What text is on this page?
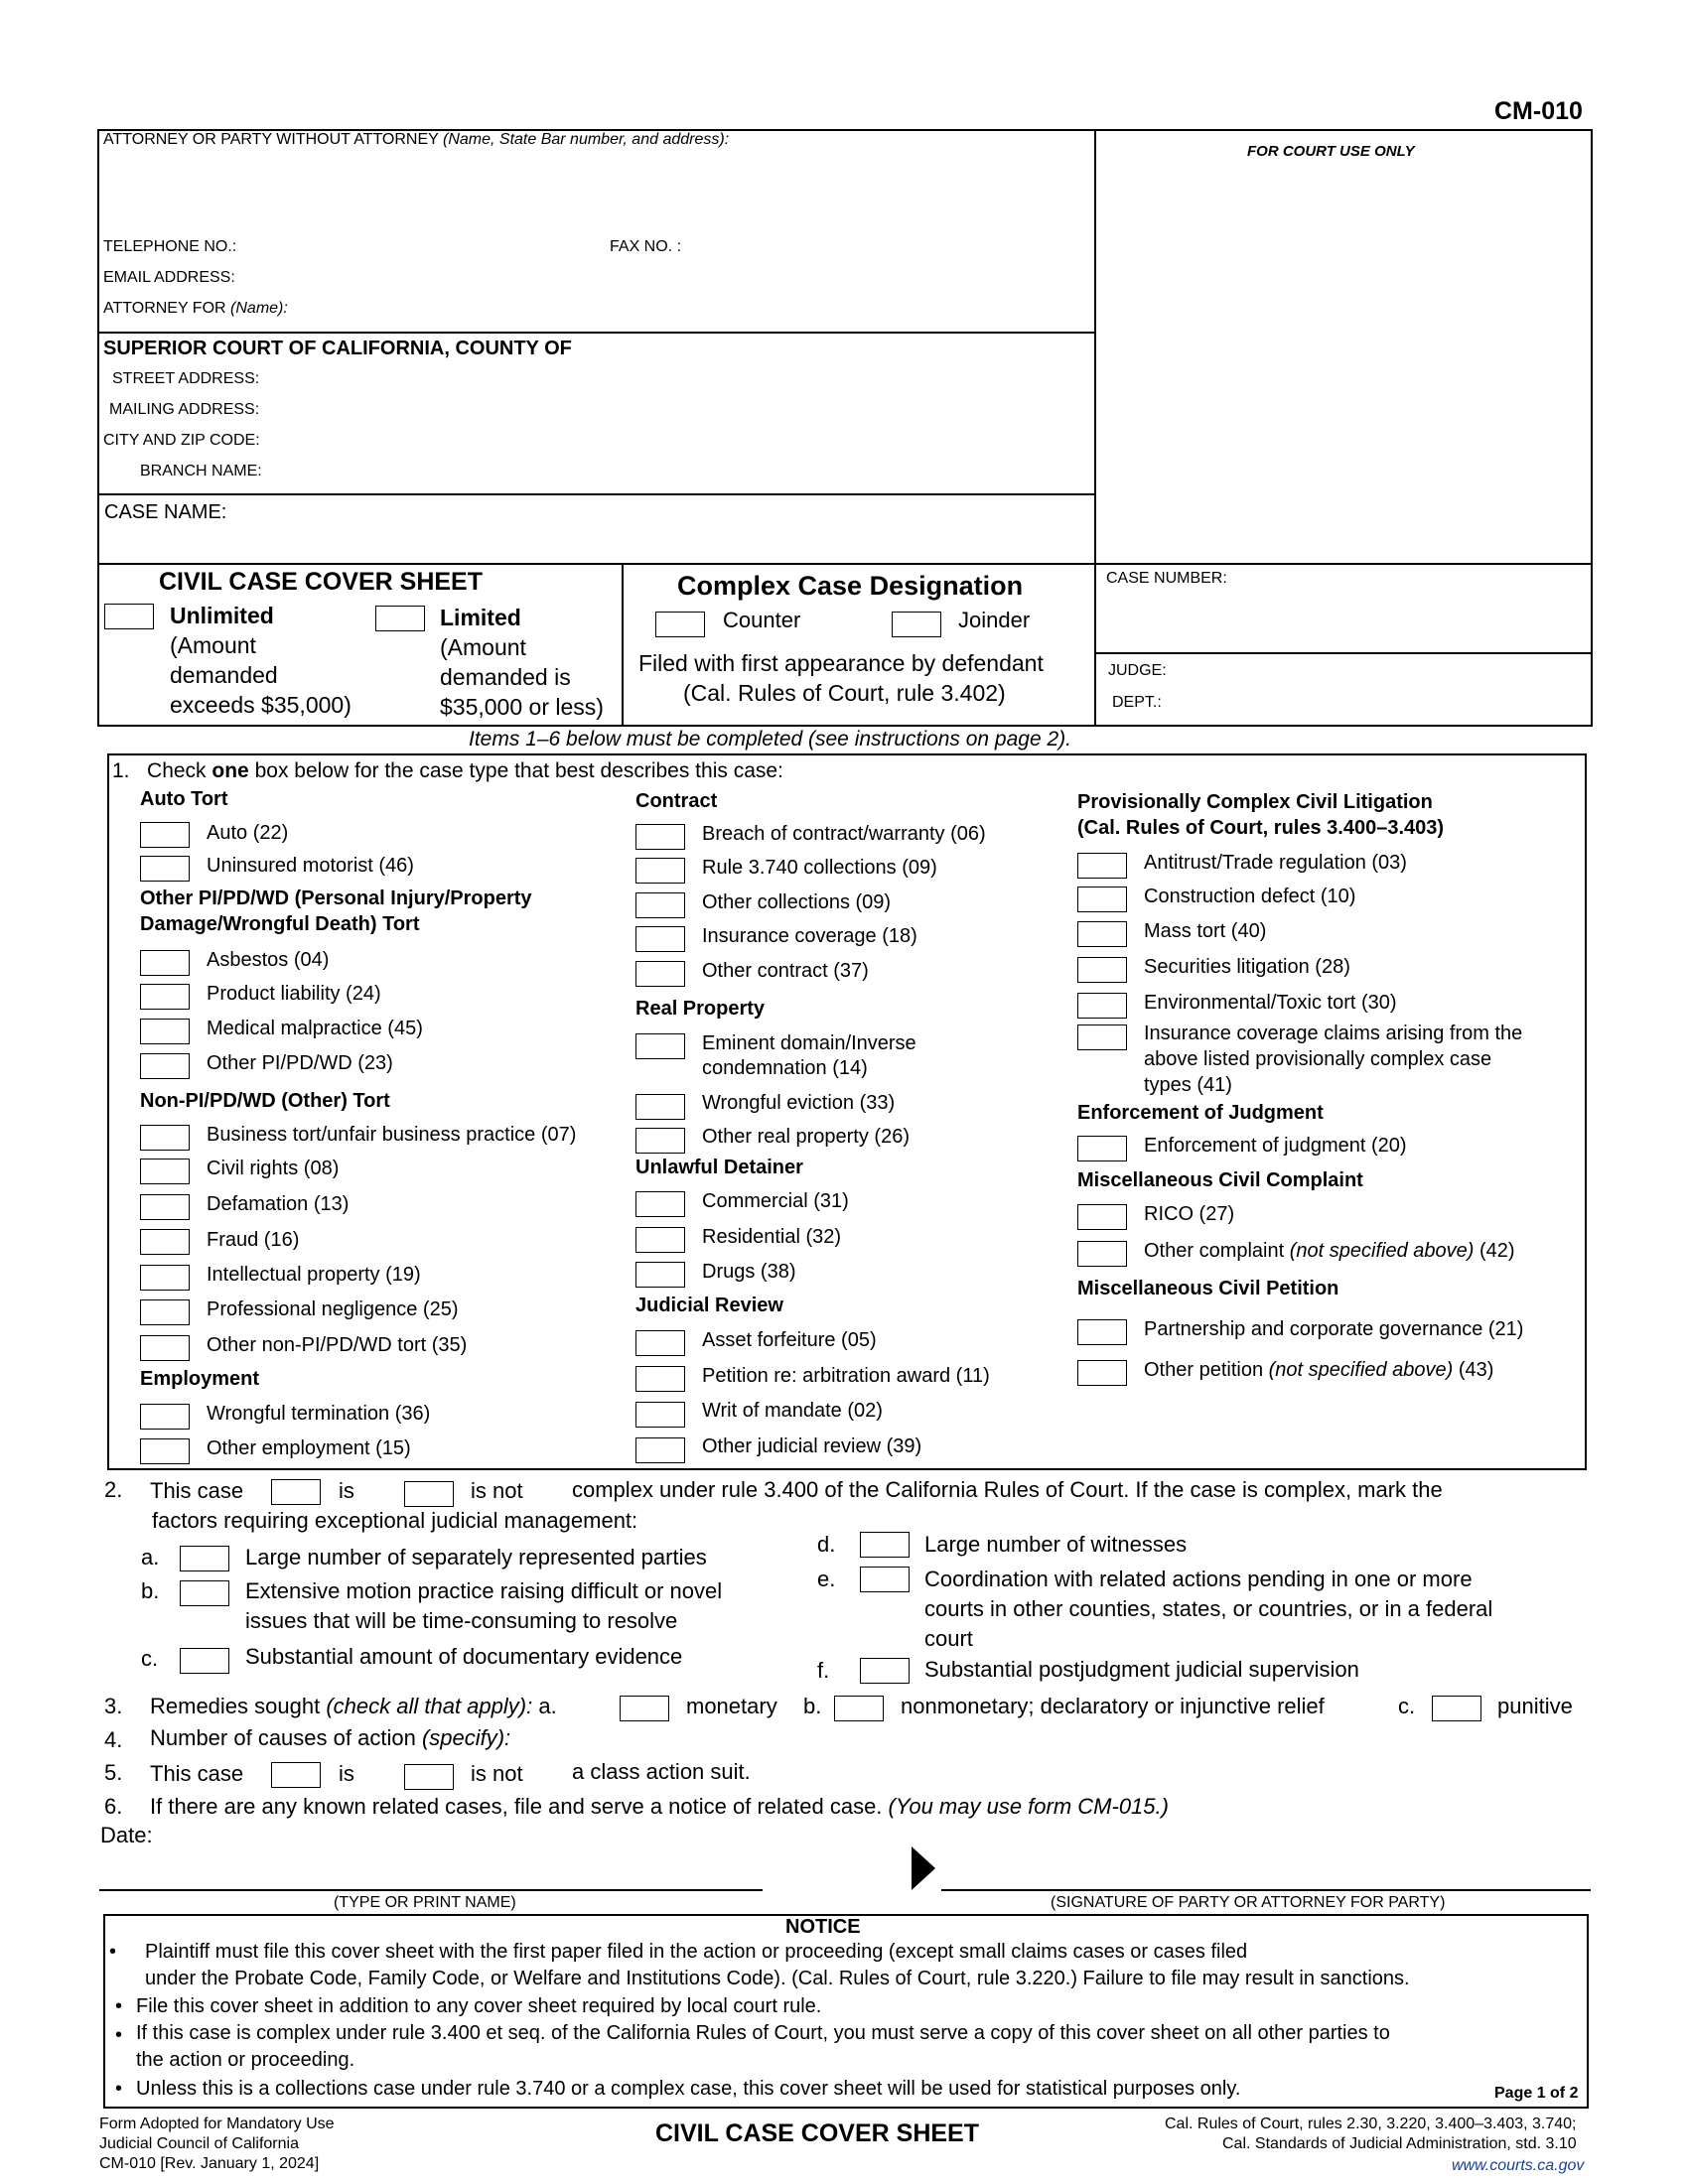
CM-010
ATTORNEY OR PARTY WITHOUT ATTORNEY (Name, State Bar number, and address):
TELEPHONE NO.:	FAX NO. :
EMAIL ADDRESS:
ATTORNEY FOR (Name):
FOR COURT USE ONLY
SUPERIOR COURT OF CALIFORNIA, COUNTY OF
STREET ADDRESS:
MAILING ADDRESS:
CITY AND ZIP CODE:
BRANCH NAME:
CASE NAME:
CIVIL CASE COVER SHEET
Unlimited
(Amount
demanded
exceeds $35,000)
Limited
(Amount
demanded is
$35,000 or less)
Complex Case Designation
Counter	Joinder
Filed with first appearance by defendant
(Cal. Rules of Court, rule 3.402)
CASE NUMBER:
JUDGE:
DEPT.:
Items 1–6 below must be completed (see instructions on page 2).
1. Check one box below for the case type that best describes this case:
Auto Tort
Auto (22)
Uninsured motorist (46)
Other PI/PD/WD (Personal Injury/Property
Damage/Wrongful Death) Tort
Asbestos (04)
Product liability (24)
Medical malpractice (45)
Other PI/PD/WD (23)
Non-PI/PD/WD (Other) Tort
Business tort/unfair business practice (07)
Civil rights (08)
Defamation (13)
Fraud (16)
Intellectual property (19)
Professional negligence (25)
Other non-PI/PD/WD tort (35)
Employment
Wrongful termination (36)
Other employment (15)
Contract
Breach of contract/warranty (06)
Rule 3.740 collections (09)
Other collections (09)
Insurance coverage (18)
Other contract (37)
Real Property
Eminent domain/Inverse
condemnation (14)
Wrongful eviction (33)
Other real property (26)
Unlawful Detainer
Commercial (31)
Residential (32)
Drugs (38)
Judicial Review
Asset forfeiture (05)
Petition re: arbitration award (11)
Writ of mandate (02)
Other judicial review (39)
Provisionally Complex Civil Litigation
(Cal. Rules of Court, rules 3.400–3.403)
Antitrust/Trade regulation (03)
Construction defect (10)
Mass tort (40)
Securities litigation (28)
Environmental/Toxic tort (30)
Insurance coverage claims arising from the
above listed provisionally complex case
types (41)
Enforcement of Judgment
Enforcement of judgment (20)
Miscellaneous Civil Complaint
RICO (27)
Other complaint (not specified above) (42)
Miscellaneous Civil Petition
Partnership and corporate governance (21)
Other petition (not specified above) (43)
2. This case	is	is not complex under rule 3.400 of the California Rules of Court. If the case is complex, mark the
factors requiring exceptional judicial management:
a.	Large number of separately represented parties
b.	Extensive motion practice raising difficult or novel
issues that will be time-consuming to resolve
c.	Substantial amount of documentary evidence
d.	Large number of witnesses
e.	Coordination with related actions pending in one or more
courts in other counties, states, or countries, or in a federal
court
f.	Substantial postjudgment judicial supervision
3. Remedies sought (check all that apply): a.	monetary b.	nonmonetary; declaratory or injunctive relief	c.	punitive
4. Number of causes of action (specify):
5. This case	is	is not a class action suit.
6. If there are any known related cases, file and serve a notice of related case. (You may use form CM-015.)
Date:
(TYPE OR PRINT NAME)	(SIGNATURE OF PARTY OR ATTORNEY FOR PARTY)
NOTICE
• Plaintiff must file this cover sheet with the first paper filed in the action or proceeding (except small claims cases or cases filed
under the Probate Code, Family Code, or Welfare and Institutions Code). (Cal. Rules of Court, rule 3.220.) Failure to file may result in sanctions.
• File this cover sheet in addition to any cover sheet required by local court rule.
• If this case is complex under rule 3.400 et seq. of the California Rules of Court, you must serve a copy of this cover sheet on all other parties to
the action or proceeding.
• Unless this is a collections case under rule 3.740 or a complex case, this cover sheet will be used for statistical purposes only.	Page 1 of 2
Form Adopted for Mandatory Use
Judicial Council of California
CM-010 [Rev. January 1, 2024]
CIVIL CASE COVER SHEET	Cal. Rules of Court, rules 2.30, 3.220, 3.400–3.403, 3.740;
Cal. Standards of Judicial Administration, std. 3.10
www.courts.ca.gov
